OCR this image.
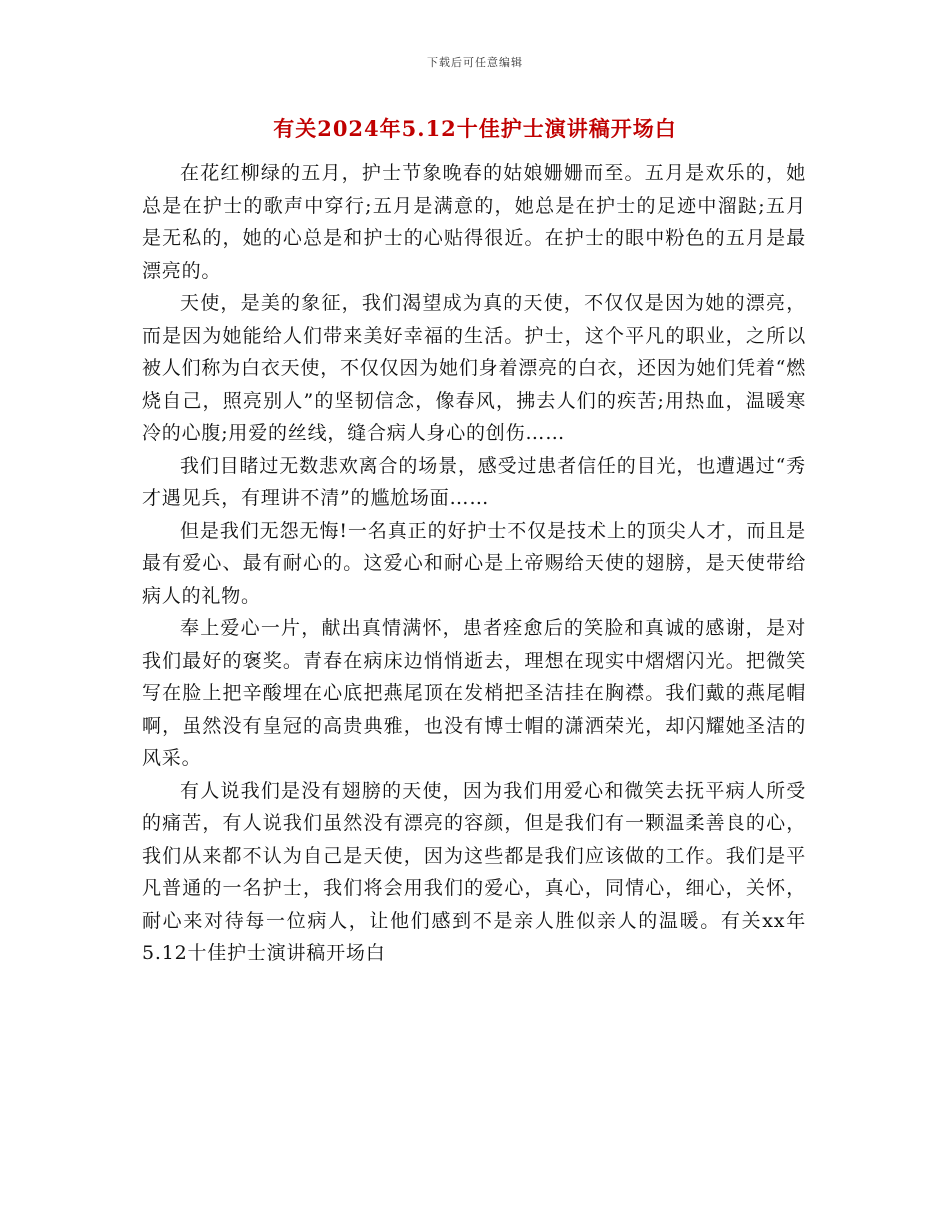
下载后可任意编辑
有关2024年5.12十佳护士演讲稿开场白

在花红柳绿的五月，护士节象晚春的姑娘姗姗而至。五月是欢乐的，她总是在护士的歌声中穿行;五月是满意的，她总是在护士的足迹中溜跶;五月是无私的，她的心总是和护士的心贴得很近。在护士的眼中粉色的五月是最漂亮的。

天使，是美的象征，我们渴望成为真的天使，不仅仅是因为她的漂亮，而是因为她能给人们带来美好幸福的生活。护士，这个平凡的职业，之所以被人们称为白衣天使，不仅仅因为她们身着漂亮的白衣，还因为她们凭着“燃烧自己，照亮别人”的坚韧信念，像春风，拂去人们的疾苦;用热血，温暖寒冷的心腹;用爱的丝线，缝合病人身心的创伤……

我们目睹过无数悲欢离合的场景，感受过患者信任的目光，也遭遇过“秀才遇见兵，有理讲不清”的尴尬场面……

但是我们无怨无悔!一名真正的好护士不仅是技术上的顶尖人才，而且是最有爱心、最有耐心的。这爱心和耐心是上帝赐给天使的翅膀，是天使带给病人的礼物。

奉上爱心一片，献出真情满怀，患者痊愈后的笑脸和真诚的感谢，是对我们最好的褒奖。青春在病床边悄悄逝去，理想在现实中熠熠闪光。把微笑写在脸上把辛酸埋在心底把燕尾顶在发梢把圣洁挂在胸襟。我们戴的燕尾帽啊，虽然没有皇冠的高贵典雅，也没有博士帽的潇洒荣光，却闪耀她圣洁的风采。

有人说我们是没有翅膀的天使，因为我们用爱心和微笑去抚平病人所受的痛苦，有人说我们虽然没有漂亮的容颜，但是我们有一颗温柔善良的心，我们从来都不认为自己是天使，因为这些都是我们应该做的工作。我们是平凡普通的一名护士，我们将会用我们的爱心，真心，同情心，细心，关怀，耐心来对待每一位病人，让他们感到不是亲人胜似亲人的温暖。有关xx年5.12十佳护士演讲稿开场白
